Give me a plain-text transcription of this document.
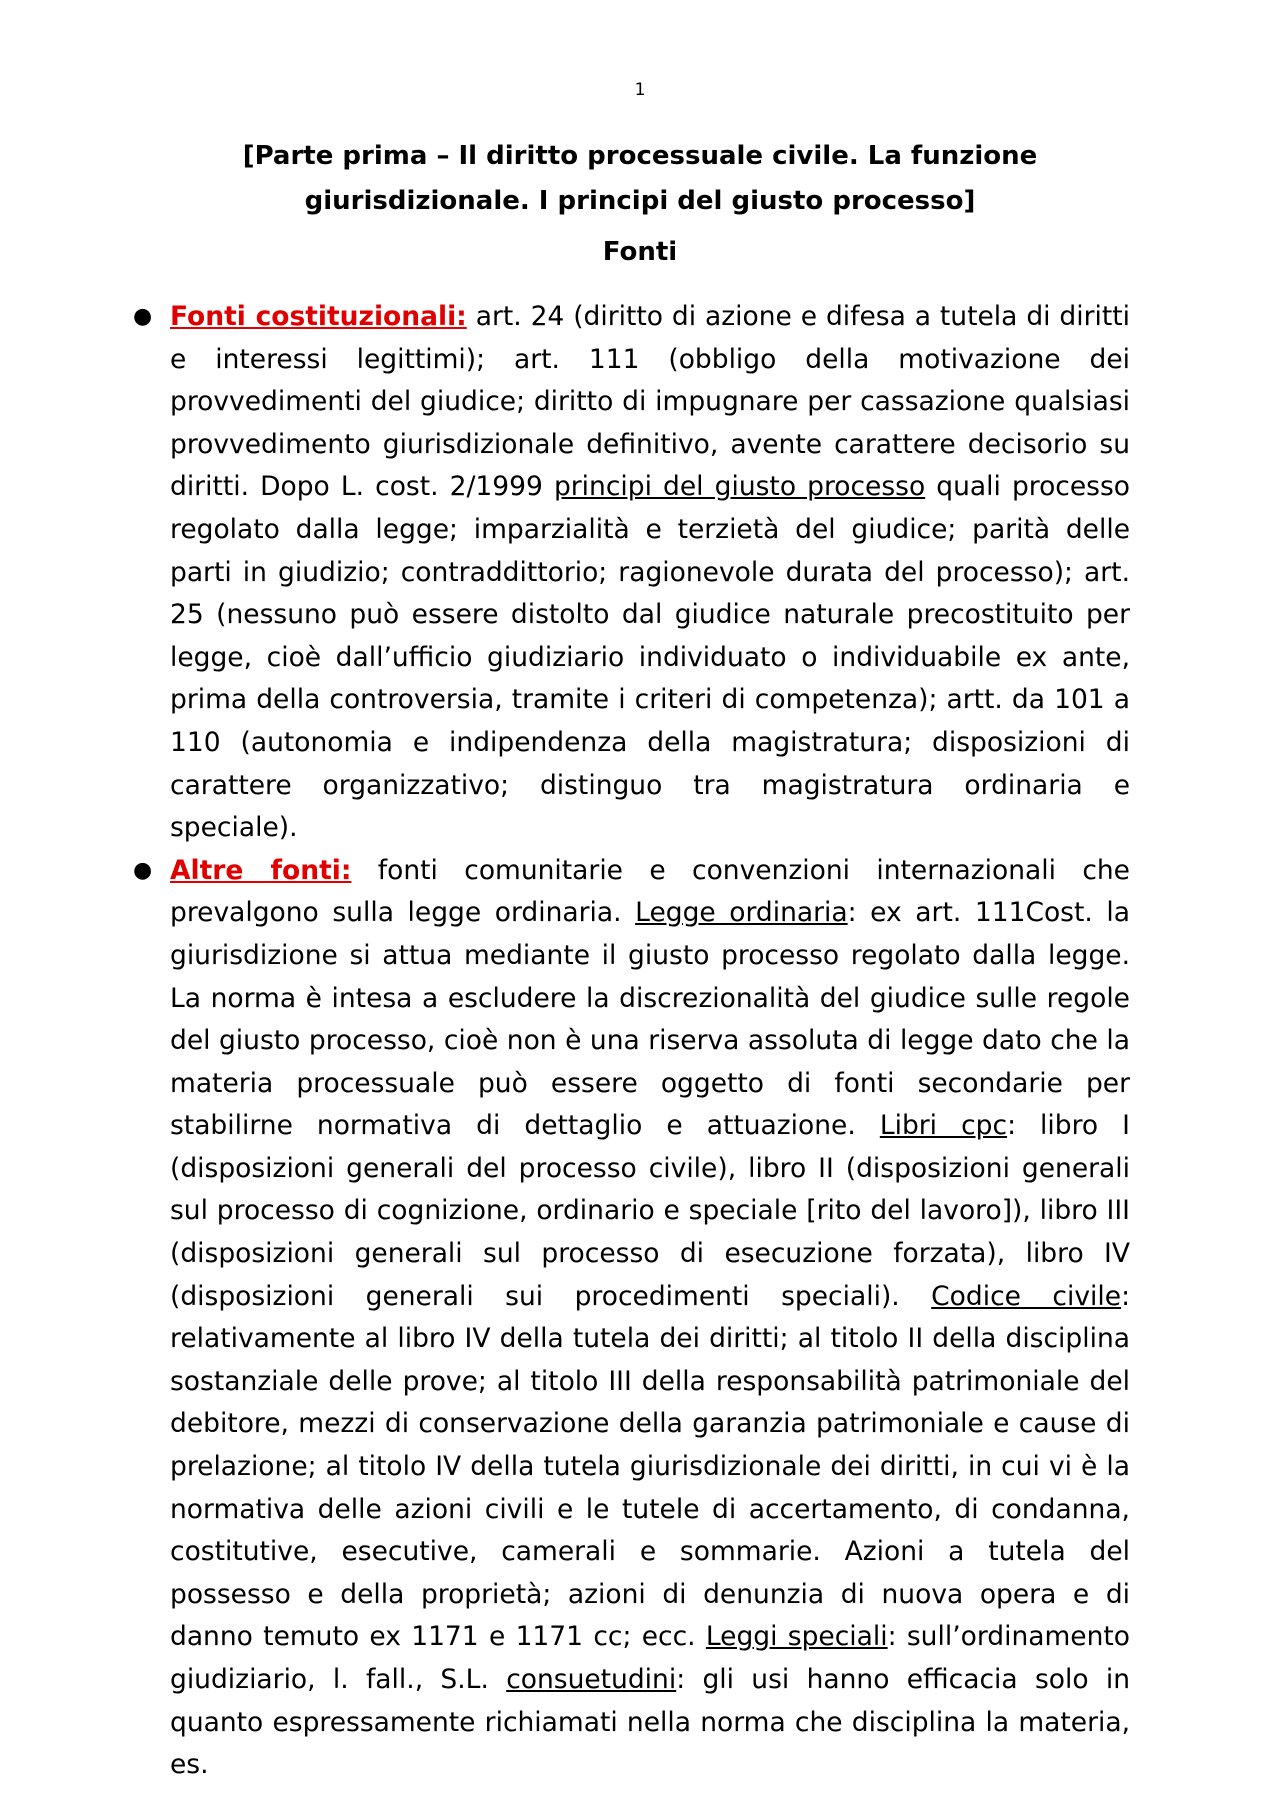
1
[Parte prima – Il diritto processuale civile. La funzione giurisdizionale. I principi del giusto processo]
Fonti
● Fonti costituzionali: art. 24 (diritto di azione e difesa a tutela di diritti e interessi legittimi); art. 111 (obbligo della motivazione dei provvedimenti del giudice; diritto di impugnare per cassazione qualsiasi provvedimento giurisdizionale definitivo, avente carattere decisorio su diritti. Dopo L. cost. 2/1999 principi del giusto processo quali processo regolato dalla legge; imparzialità e terzietà del giudice; parità delle parti in giudizio; contraddittorio; ragionevole durata del processo); art. 25 (nessuno può essere distolto dal giudice naturale precostituito per legge, cioè dall’ufficio giudiziario individuato o individuabile ex ante, prima della controversia, tramite i criteri di competenza); artt. da 101 a 110 (autonomia e indipendenza della magistratura; disposizioni di carattere organizzativo; distinguo tra magistratura ordinaria e speciale).
● Altre fonti: fonti comunitarie e convenzioni internazionali che prevalgono sulla legge ordinaria. Legge ordinaria: ex art. 111Cost. la giurisdizione si attua mediante il giusto processo regolato dalla legge. La norma è intesa a escludere la discrezionalità del giudice sulle regole del giusto processo, cioè non è una riserva assoluta di legge dato che la materia processuale può essere oggetto di fonti secondarie per stabilirne normativa di dettaglio e attuazione. Libri cpc: libro I (disposizioni generali del processo civile), libro II (disposizioni generali sul processo di cognizione, ordinario e speciale [rito del lavoro]), libro III (disposizioni generali sul processo di esecuzione forzata), libro IV (disposizioni generali sui procedimenti speciali). Codice civile: relativamente al libro IV della tutela dei diritti; al titolo II della disciplina sostanziale delle prove; al titolo III della responsabilità patrimoniale del debitore, mezzi di conservazione della garanzia patrimoniale e cause di prelazione; al titolo IV della tutela giurisdizionale dei diritti, in cui vi è la normativa delle azioni civili e le tutele di accertamento, di condanna, costitutive, esecutive, camerali e sommarie. Azioni a tutela del possesso e della proprietà; azioni di denunzia di nuova opera e di danno temuto ex 1171 e 1171 cc; ecc. Leggi speciali: sull’ordinamento giudiziario, l. fall., S.L. consuetudini: gli usi hanno efficacia solo in quanto espressamente richiamati nella norma che disciplina la materia, es.
